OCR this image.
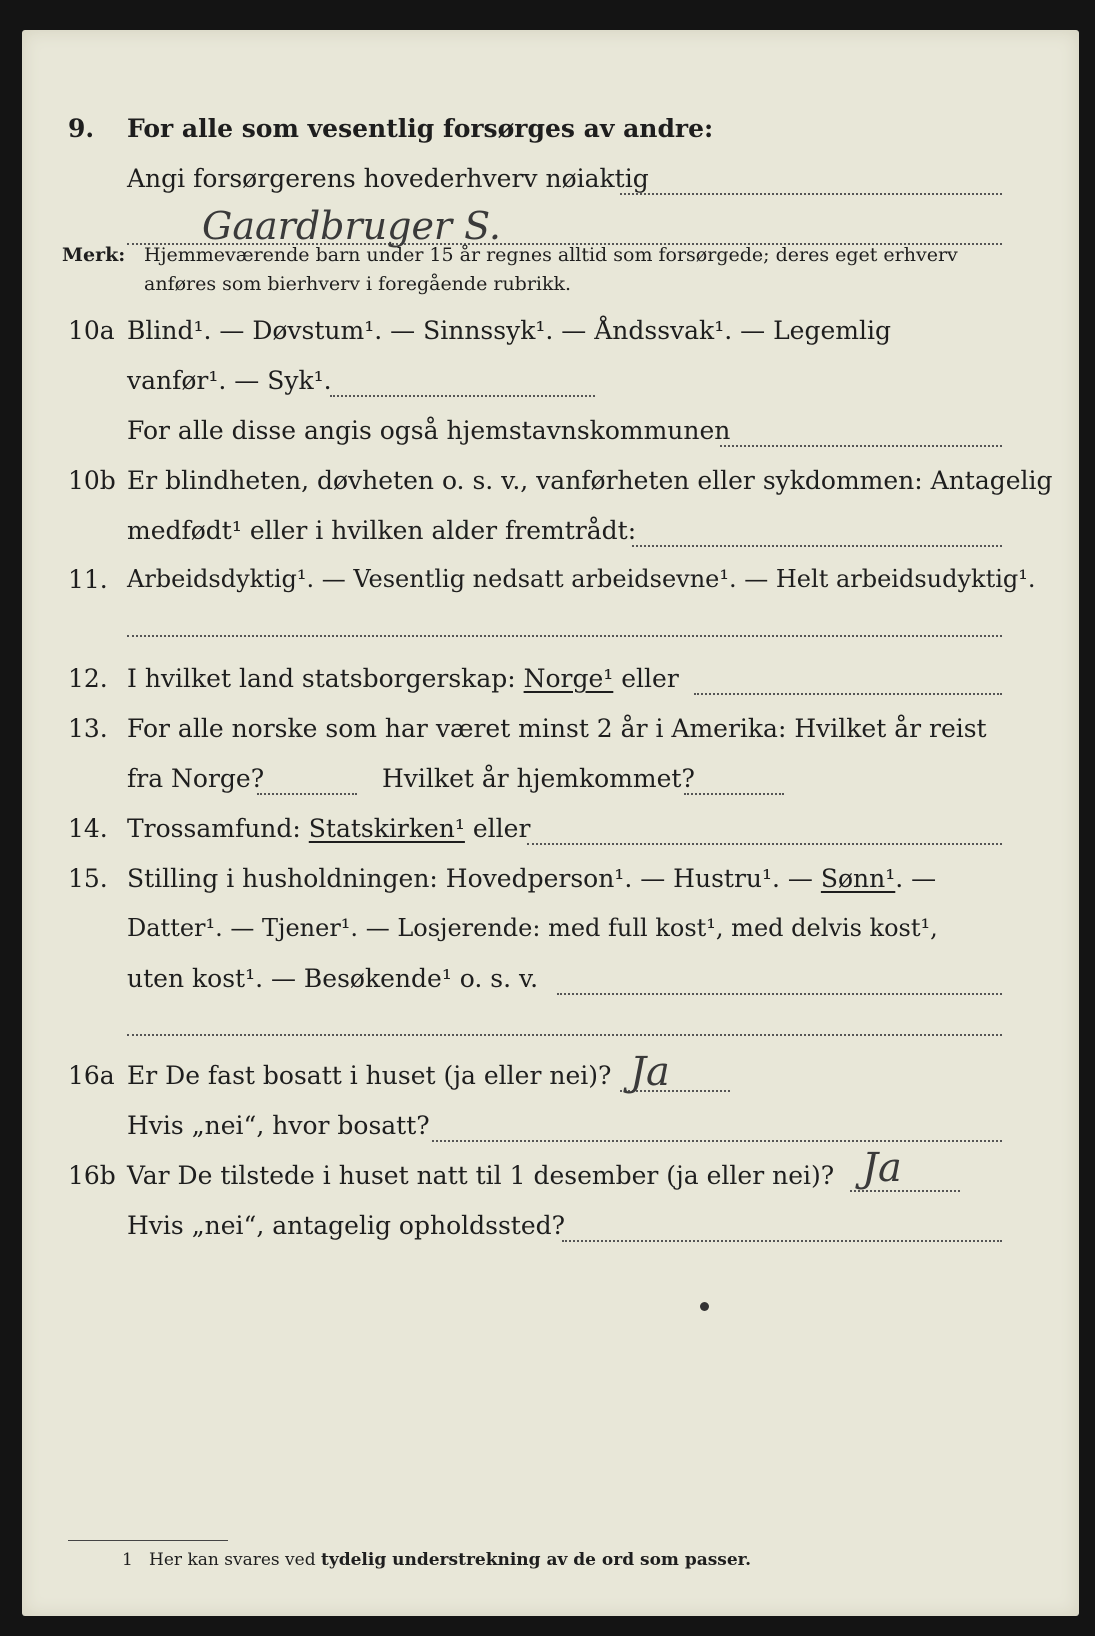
9. For alle som vesentlig forsørges av andre:
Angi forsørgerens hovederhverv nøiaktig
Gaardbruger S.
Merk: Hjemmeværende barn under 15 år regnes alltid som forsørgede; deres eget erhverv
anføres som bierhverv i foregående rubrikk.
10a Blind¹. — Døvstum¹. — Sinnssyk¹. — Åndssvak¹. — Legemlig
vanfør¹. — Syk¹.
For alle disse angis også hjemstavnskommunen
10b Er blindheten, døvheten o. s. v., vanførheten eller sykdommen: Antagelig
medfødt¹ eller i hvilken alder fremtrådt:
11. Arbeidsdyktig¹. — Vesentlig nedsatt arbeidsevne¹. — Helt arbeidsudyktig¹.
12. I hvilket land statsborgerskap: Norge¹ eller
13. For alle norske som har været minst 2 år i Amerika: Hvilket år reist
fra Norge?	Hvilket år hjemkommet?
14. Trossamfund: Statskirken¹ eller
15. Stilling i husholdningen: Hovedperson¹. — Hustru¹. — Sønn¹. —
Datter¹. — Tjener¹. — Losjerende: med full kost¹, med delvis kost¹,
uten kost¹. — Besøkende¹ o. s. v.
16a Er De fast bosatt i huset (ja eller nei)? Ja
Hvis „nei“, hvor bosatt?
16b Var De tilstede i huset natt til 1 desember (ja eller nei)? Ja
Hvis „nei“, antagelig opholdssted?
1 Her kan svares ved tydelig understrekning av de ord som passer.
